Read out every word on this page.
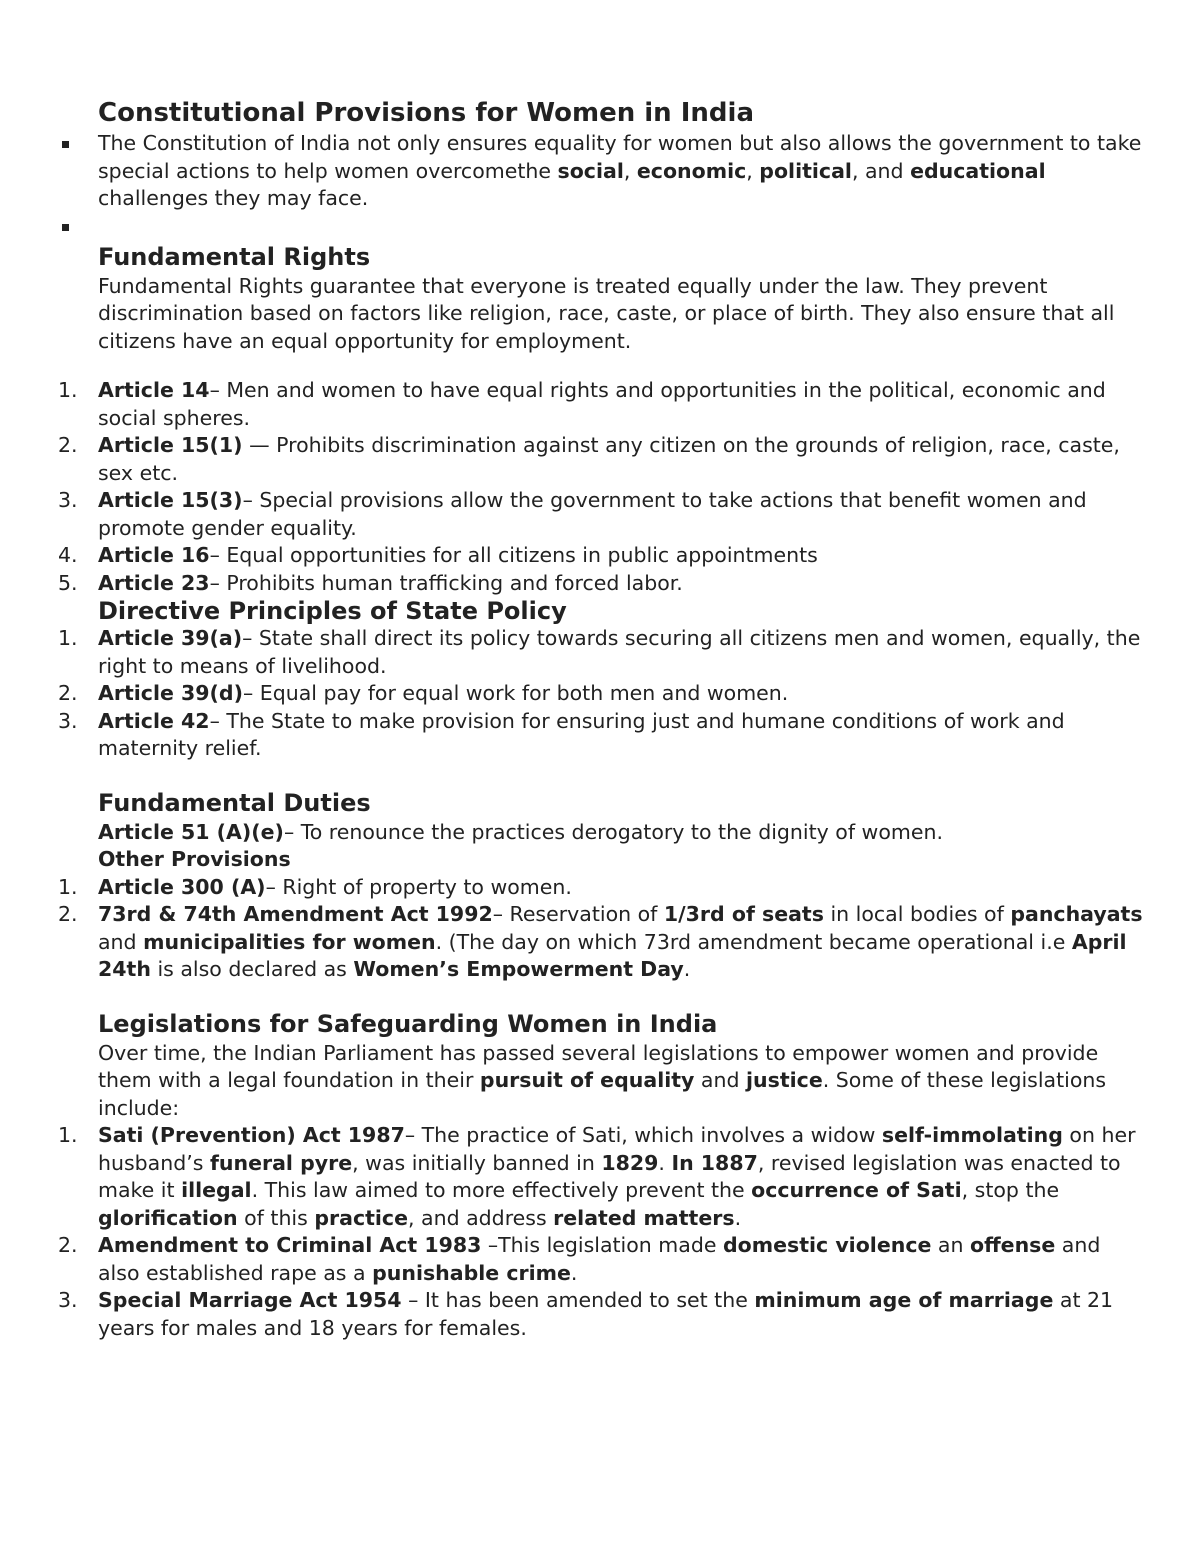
Constitutional Provisions for Women in India
The Constitution of India not only ensures equality for women but also allows the government to take special actions to help women overcomethe social, economic, political, and educational challenges they may face.
Fundamental Rights
Fundamental Rights guarantee that everyone is treated equally under the law. They prevent discrimination based on factors like religion, race, caste, or place of birth. They also ensure that all citizens have an equal opportunity for employment.
1. Article 14– Men and women to have equal rights and opportunities in the political, economic and social spheres.
2. Article 15(1) — Prohibits discrimination against any citizen on the grounds of religion, race, caste, sex etc.
3. Article 15(3)– Special provisions allow the government to take actions that benefit women and promote gender equality.
4. Article 16– Equal opportunities for all citizens in public appointments
5. Article 23– Prohibits human trafficking and forced labor.
Directive Principles of State Policy
1. Article 39(a)– State shall direct its policy towards securing all citizens men and women, equally, the right to means of livelihood.
2. Article 39(d)– Equal pay for equal work for both men and women.
3. Article 42– The State to make provision for ensuring just and humane conditions of work and maternity relief.
Fundamental Duties
Article 51 (A)(e)– To renounce the practices derogatory to the dignity of women.
Other Provisions
1. Article 300 (A)– Right of property to women.
2. 73rd & 74th Amendment Act 1992– Reservation of 1/3rd of seats in local bodies of panchayats and municipalities for women. (The day on which 73rd amendment became operational i.e April 24th is also declared as Women’s Empowerment Day.
Legislations for Safeguarding Women in India
Over time, the Indian Parliament has passed several legislations to empower women and provide them with a legal foundation in their pursuit of equality and justice. Some of these legislations include:
1. Sati (Prevention) Act 1987– The practice of Sati, which involves a widow self-immolating on her husband’s funeral pyre, was initially banned in 1829. In 1887, revised legislation was enacted to make it illegal. This law aimed to more effectively prevent the occurrence of Sati, stop the glorification of this practice, and address related matters.
2. Amendment to Criminal Act 1983 –This legislation made domestic violence an offense and also established rape as a punishable crime.
3. Special Marriage Act 1954 – It has been amended to set the minimum age of marriage at 21 years for males and 18 years for females.
